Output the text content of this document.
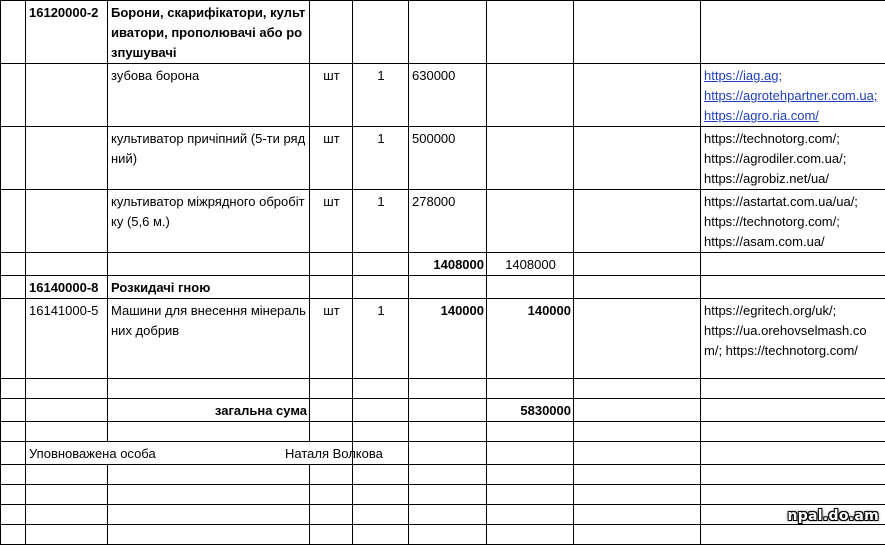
	16120000-2	Борони, скарифікатори, культиватори, прополювачі або розпушувачі						
		зубова борона	шт	1	630000			https://iag.ag;
https://agrotehpartner.com.ua; https://agro.ria.com/

		культиватор причіпний (5-ти рядний)	шт	1	500000			https://technotorg.com/;
https://agrodiler.com.ua/;
https://agrobiz.net/ua/

		культиватор міжрядного обробітку (5,6 м.)	шт	1	278000			https://astartat.com.ua/ua/;
https://technotorg.com/;
https://asam.com.ua/

					1408000	1408000		
	16140000-8	Розкидачі гною						
	16141000-5	Машини для внесення мінеральних добрив	шт	1	140000	140000		https://egritech.org/uk/;
https://ua.orehovselmash.co
m/; https://technotorg.com/

		загальна сума				5830000		

	Уповноважена особа		Наталя Волкова					

npal.do.am
